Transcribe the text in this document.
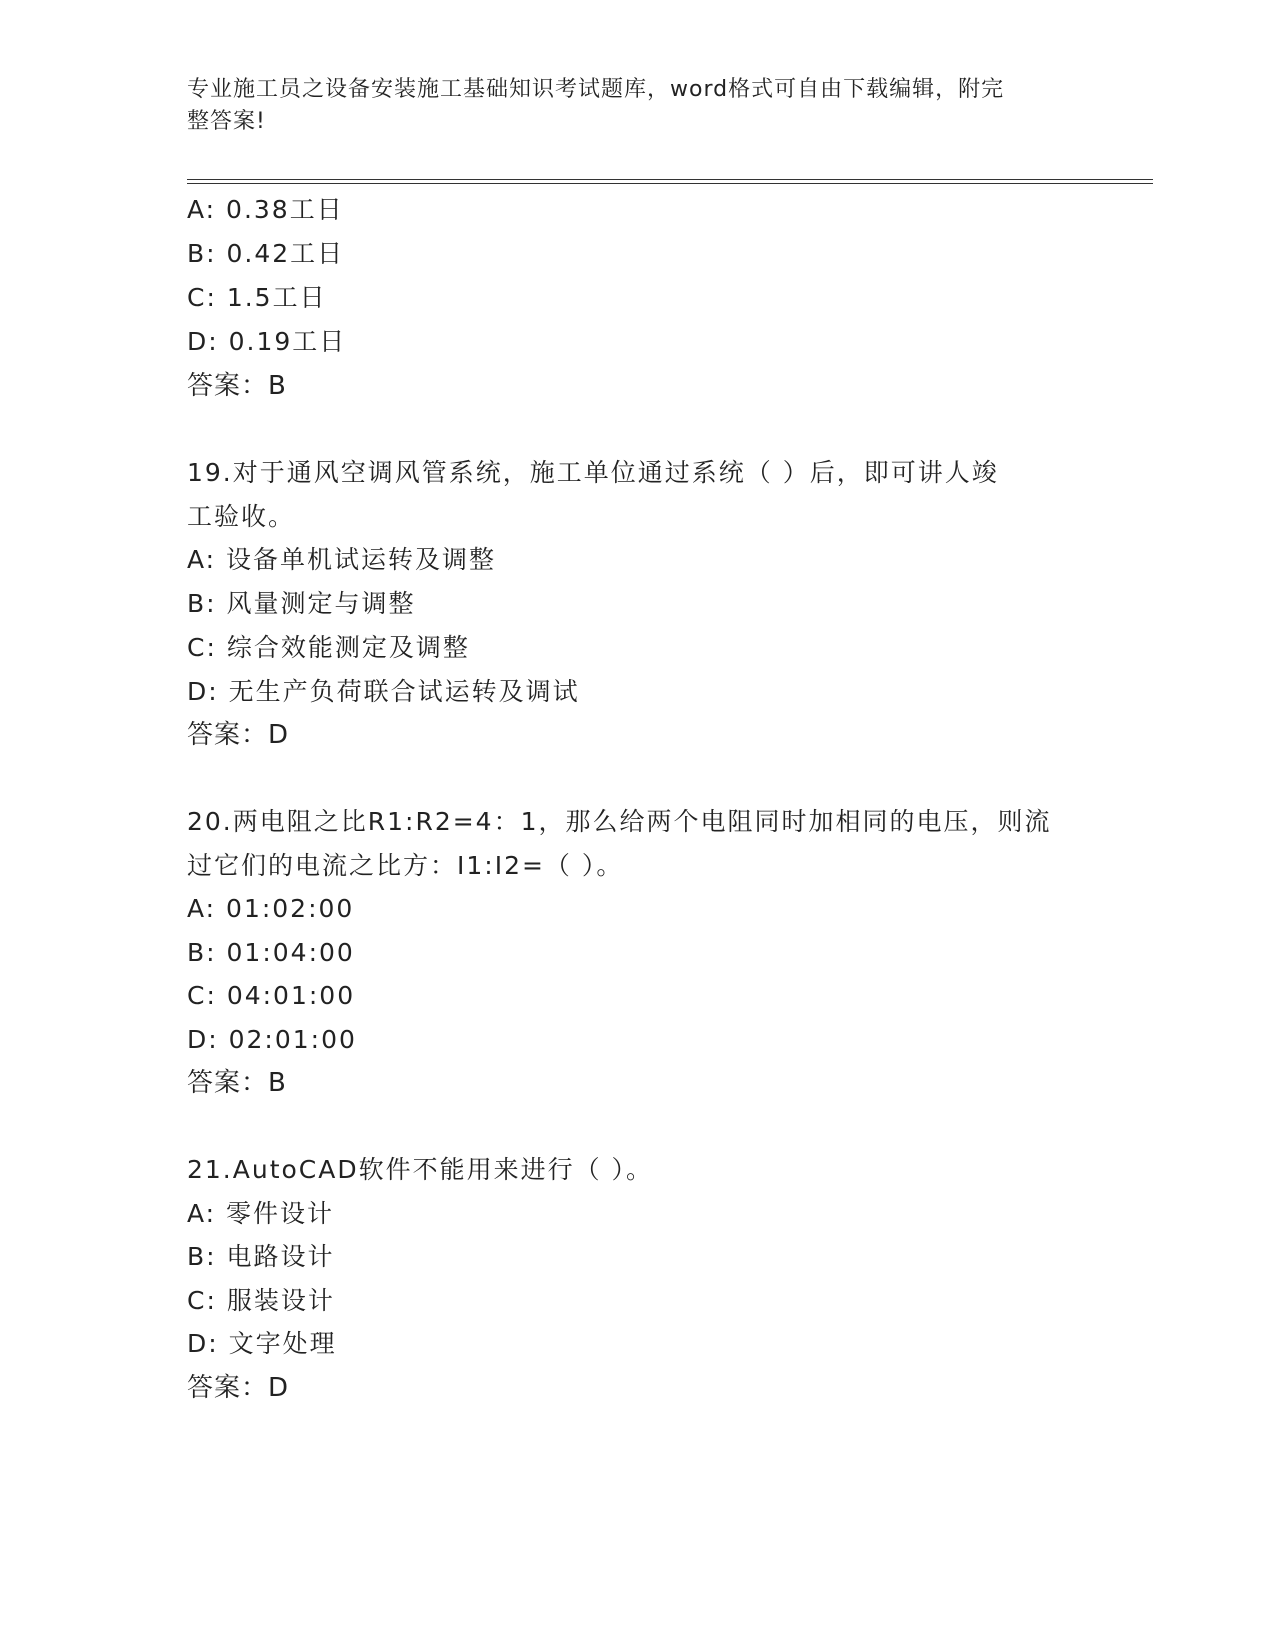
专业施工员之设备安装施工基础知识考试题库，word格式可自由下载编辑，附完
整答案!
A: 0.38工日
B: 0.42工日
C: 1.5工日
D: 0.19工日
答案：B
19.对于通风空调风管系统，施工单位通过系统（ ）后，即可讲人竣
工验收。
A: 设备单机试运转及调整
B: 风量测定与调整
C: 综合效能测定及调整
D: 无生产负荷联合试运转及调试
答案：D
20.两电阻之比R1:R2=4：1，那么给两个电阻同时加相同的电压，则流
过它们的电流之比方：I1:I2=（ ）。
A: 01:02:00
B: 01:04:00
C: 04:01:00
D: 02:01:00
答案：B
21.AutoCAD软件不能用来进行（ ）。
A: 零件设计
B: 电路设计
C: 服装设计
D: 文字处理
答案：D
